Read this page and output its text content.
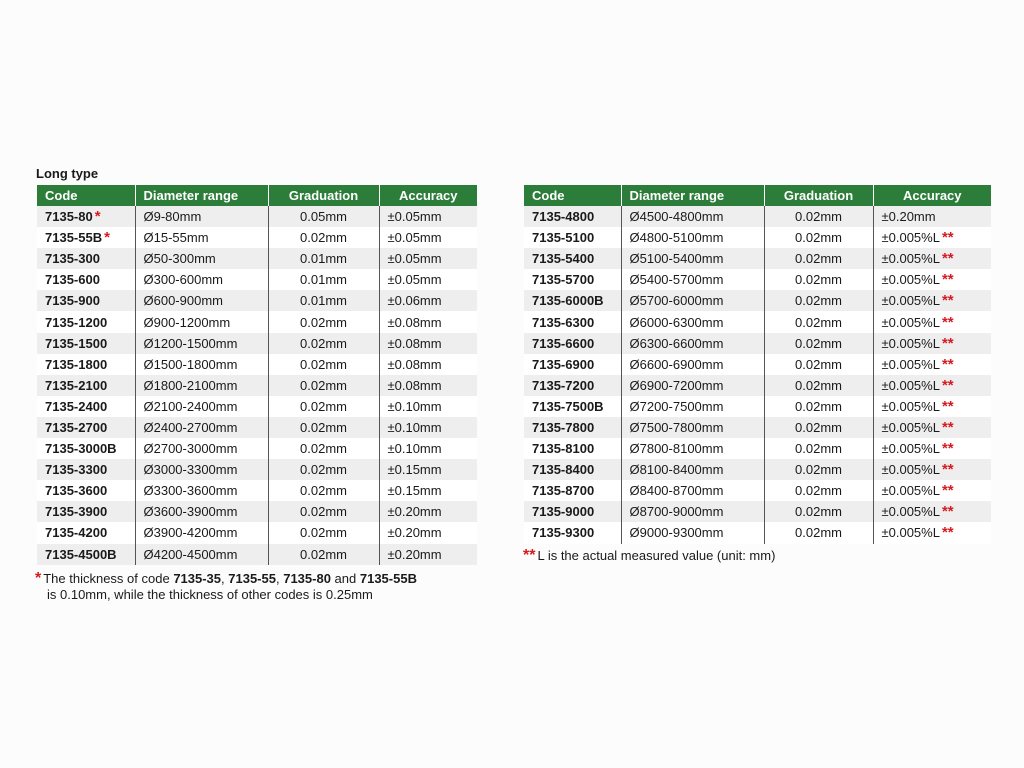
Long type
Code	Diameter range	Graduation	Accuracy
7135-80 *	Ø9-80mm	0.05mm	±0.05mm
7135-55B *	Ø15-55mm	0.02mm	±0.05mm
7135-300	Ø50-300mm	0.01mm	±0.05mm
7135-600	Ø300-600mm	0.01mm	±0.05mm
7135-900	Ø600-900mm	0.01mm	±0.06mm
7135-1200	Ø900-1200mm	0.02mm	±0.08mm
7135-1500	Ø1200-1500mm	0.02mm	±0.08mm
7135-1800	Ø1500-1800mm	0.02mm	±0.08mm
7135-2100	Ø1800-2100mm	0.02mm	±0.08mm
7135-2400	Ø2100-2400mm	0.02mm	±0.10mm
7135-2700	Ø2400-2700mm	0.02mm	±0.10mm
7135-3000B	Ø2700-3000mm	0.02mm	±0.10mm
7135-3300	Ø3000-3300mm	0.02mm	±0.15mm
7135-3600	Ø3300-3600mm	0.02mm	±0.15mm
7135-3900	Ø3600-3900mm	0.02mm	±0.20mm
7135-4200	Ø3900-4200mm	0.02mm	±0.20mm
7135-4500B	Ø4200-4500mm	0.02mm	±0.20mm
Code	Diameter range	Graduation	Accuracy
7135-4800	Ø4500-4800mm	0.02mm	±0.20mm
7135-5100	Ø4800-5100mm	0.02mm	±0.005%L **
7135-5400	Ø5100-5400mm	0.02mm	±0.005%L **
7135-5700	Ø5400-5700mm	0.02mm	±0.005%L **
7135-6000B	Ø5700-6000mm	0.02mm	±0.005%L **
7135-6300	Ø6000-6300mm	0.02mm	±0.005%L **
7135-6600	Ø6300-6600mm	0.02mm	±0.005%L **
7135-6900	Ø6600-6900mm	0.02mm	±0.005%L **
7135-7200	Ø6900-7200mm	0.02mm	±0.005%L **
7135-7500B	Ø7200-7500mm	0.02mm	±0.005%L **
7135-7800	Ø7500-7800mm	0.02mm	±0.005%L **
7135-8100	Ø7800-8100mm	0.02mm	±0.005%L **
7135-8400	Ø8100-8400mm	0.02mm	±0.005%L **
7135-8700	Ø8400-8700mm	0.02mm	±0.005%L **
7135-9000	Ø8700-9000mm	0.02mm	±0.005%L **
7135-9300	Ø9000-9300mm	0.02mm	±0.005%L **
* The thickness of code 7135-35, 7135-55, 7135-80 and 7135-55B
is 0.10mm, while the thickness of other codes is 0.25mm
** L is the actual measured value (unit: mm)
